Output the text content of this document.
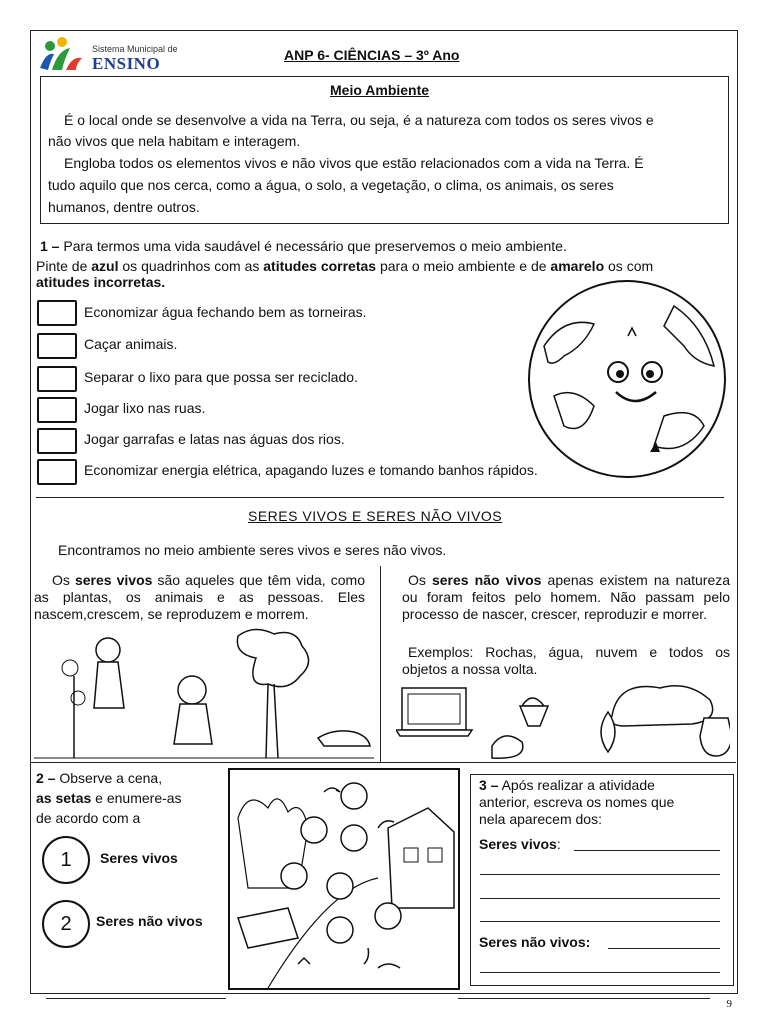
Sistema Municipal de
ENSINO	ANP 6- CIÊNCIAS – 3º Ano
Meio Ambiente
É o local onde se desenvolve a vida na Terra, ou seja, é a natureza com todos os seres vivos e
não vivos que nela habitam e interagem.
Engloba todos os elementos vivos e não vivos que estão relacionados com a vida na Terra. É
tudo aquilo que nos cerca, como a água, o solo, a vegetação, o clima, os animais, os seres
humanos, dentre outros.
1 – Para termos uma vida saudável é necessário que preservemos o meio ambiente.
Pinte de azul os quadrinhos com as atitudes corretas para o meio ambiente e de amarelo os com
atitudes incorretas.
Economizar água fechando bem as torneiras.
Caçar animais.
Separar o lixo para que possa ser reciclado.
Jogar lixo nas ruas.
Jogar garrafas e latas nas águas dos rios.
Economizar energia elétrica, apagando luzes e tomando banhos rápidos.
SERES VIVOS E SERES NÃO VIVOS
Encontramos no meio ambiente seres vivos e seres não vivos.
Os seres vivos são aqueles que têm vida, como as plantas, os animais e as pessoas. Eles nascem,crescem, se reproduzem e morrem.
Os seres não vivos apenas existem na natureza ou foram feitos pelo homem. Não passam pelo processo de nascer, crescer, reproduzir e morrer.
Exemplos: Rochas, água, nuvem e todos os objetos a nossa volta.
2 – Observe a cena,
as setas e enumere-as
de acordo com a
1	Seres vivos
2	Seres não vivos
3 – Após realizar a atividade
anterior, escreva os nomes que
nela aparecem dos:
Seres vivos:
Seres não vivos:
9
